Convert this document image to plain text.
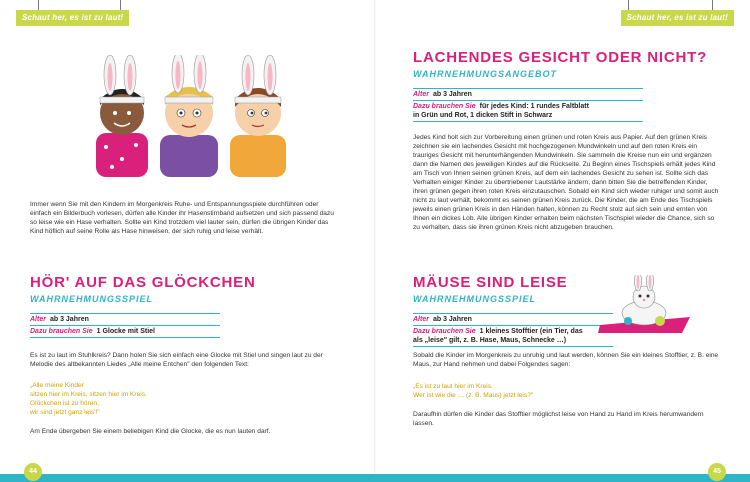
Schaut her, es ist zu laut!	Schaut her, es ist zu laut!

Immer wenn Sie mit den Kindern im Morgenkreis Ruhe- und Entspannungsspiele durchführen oder einfach ein Bilderbuch vorlesen, dürfen alle Kinder ihr Hasenstirnband aufsetzen und sich passend dazu so leise wie ein Hase verhalten. Sollte ein Kind trotzdem viel lauter sein, dürfen die übrigen Kinder das Kind höflich auf seine Rolle als Hase hinweisen, der sich ruhig und leise verhält.

HÖR' AUF DAS GLÖCKCHEN
WAHRNEHMUNGSSPIEL
Alter ab 3 Jahren
Dazu brauchen Sie 1 Glocke mit Stiel

Es ist zu laut im Stuhlkreis? Dann holen Sie sich einfach eine Glocke mit Stiel und singen laut zu der Melodie des altbekannten Liedes „Alle meine Entchen" den folgenden Text:

„Alle meine Kinder
sitzen hier im Kreis, sitzen hier im Kreis.
Glöckchen ist zu hören,
wir sind jetzt ganz leis'!"

Am Ende übergeben Sie einem beliebigen Kind die Glocke, die es nun lauten darf.

LACHENDES GESICHT ODER NICHT?
WAHRNEHMUNGSANGEBOT
Alter ab 3 Jahren
Dazu brauchen Sie für jedes Kind: 1 rundes Faltblatt
in Grün und Rot, 1 dicken Stift in Schwarz

Jedes Kind holt sich zur Vorbereitung einen grünen und roten Kreis aus Papier. Auf den grünen Kreis zeichnen sie ein lachendes Gesicht mit hochgezogenen Mundwinkeln und auf den roten Kreis ein trauriges Gesicht mit herunterhängenden Mundwinkeln. Sie sammeln die Kreise nun ein und ergänzen dann die Namen des jeweiligen Kindes auf die Rückseite. Zu Beginn eines Tischspiels erhält jedes Kind am Tisch von Ihnen seinen grünen Kreis, auf dem ein lachendes Gesicht zu sehen ist. Sollte sich das Verhalten einiger Kinder zu übertriebener Lautstärke ändern, dann bitten Sie die betreffenden Kinder, ihren grünen gegen ihren roten Kreis einzutauschen. Sobald ein Kind sich wieder ruhiger und somit auch nicht zu laut verhält, bekommt es seinen grünen Kreis zurück. Die Kinder, die am Ende des Tischspiels jeweils einen grünen Kreis in den Händen halten, können zu Recht stolz auf sich sein und ernten von Ihnen ein dickes Lob. Alle übrigen Kinder erhalten beim nächsten Tischspiel wieder die Chance, sich so zu verhalten, dass sie ihren grünen Kreis nicht abzugeben brauchen.

MÄUSE SIND LEISE
WAHRNEHMUNGSSPIEL
Alter ab 3 Jahren
Dazu brauchen Sie 1 kleines Stofftier (ein Tier, das
als „leise" gilt, z. B. Hase, Maus, Schnecke …)

Sobald die Kinder im Morgenkreis zu unruhig und laut werden, können Sie ein kleines Stofftier, z. B. eine Maus, zur Hand nehmen und dabei Folgendes sagen:

„Es ist zu laut hier im Kreis.
Wer ist wie die … (z. B. Maus) jetzt leis?"

Daraufhin dürfen die Kinder das Stofftier möglichst leise von Hand zu Hand im Kreis herumwandern lassen.

44	45
